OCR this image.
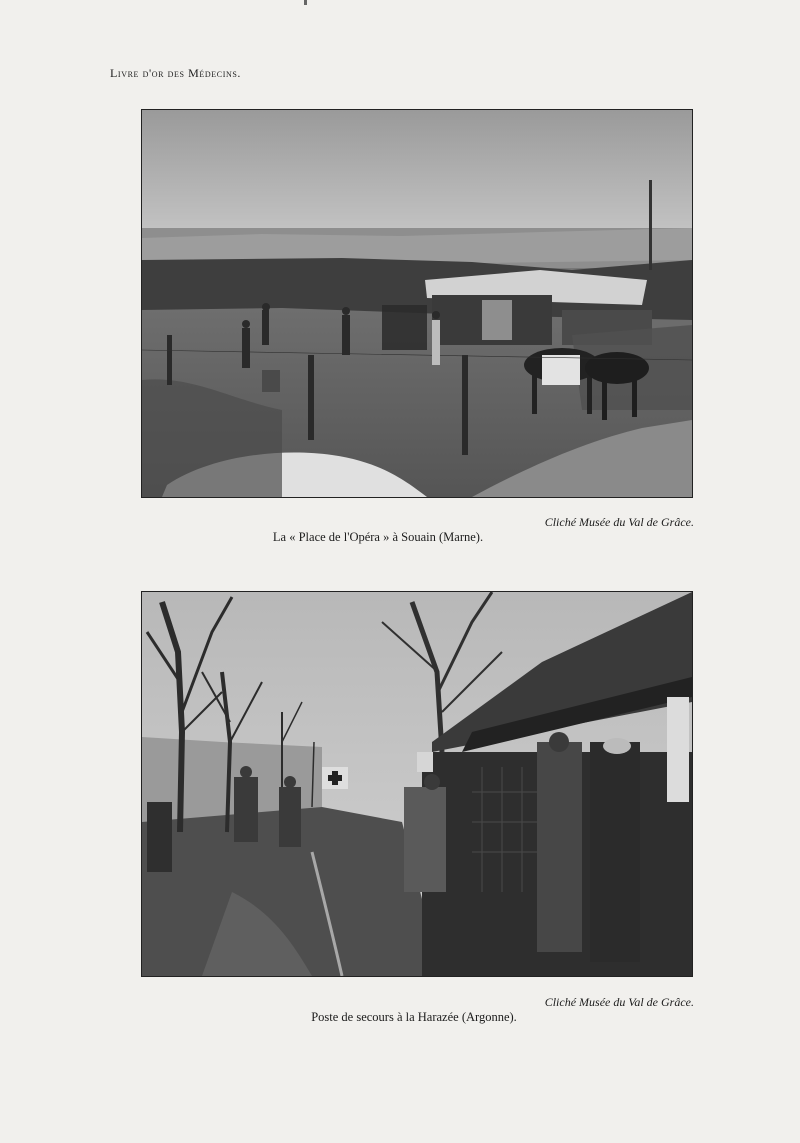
Livre d'or des Médecins.
Cliché Musée du Val de Grâce.
La « Place de l'Opéra » à Souain (Marne).
Cliché Musée du Val de Grâce.
Poste de secours à la Harazée (Argonne).
